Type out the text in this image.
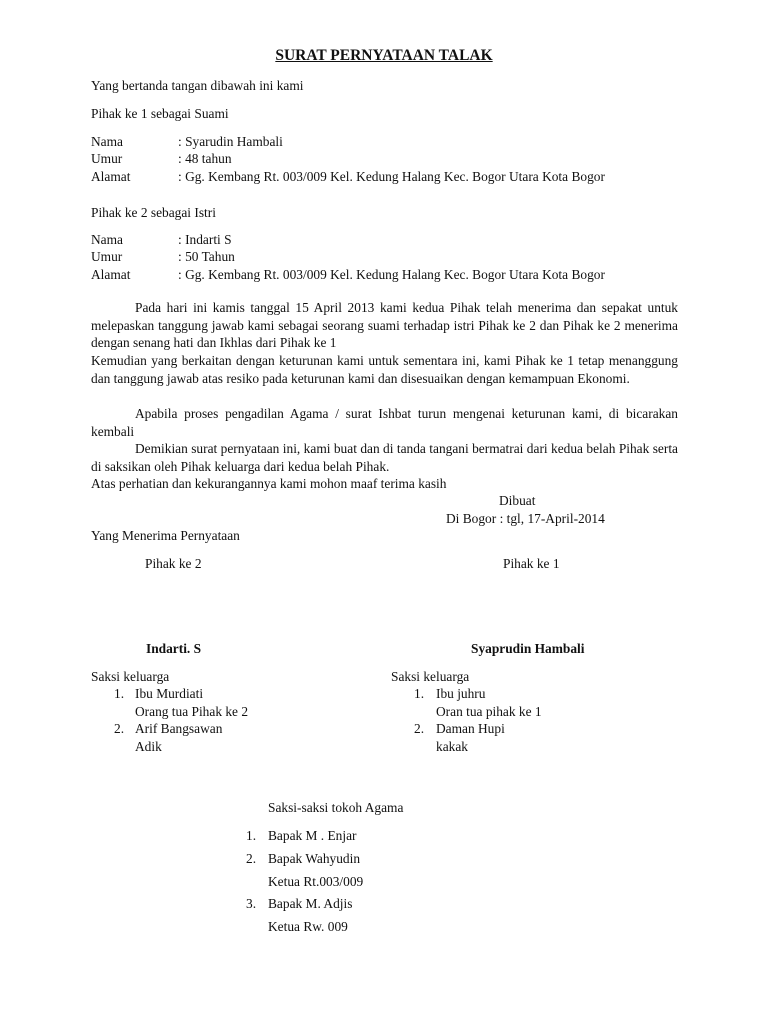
SURAT PERNYATAAN TALAK
Yang bertanda tangan dibawah ini kami
Pihak ke 1 sebagai Suami
Nama	: Syarudin Hambali
Umur	: 48 tahun
Alamat	: Gg. Kembang Rt. 003/009 Kel. Kedung Halang Kec. Bogor Utara Kota Bogor
Pihak ke 2 sebagai Istri
Nama	: Indarti S
Umur	: 50 Tahun
Alamat	: Gg. Kembang Rt. 003/009 Kel. Kedung Halang Kec. Bogor Utara Kota Bogor
Pada hari ini kamis tanggal 15 April 2013 kami kedua Pihak telah menerima dan sepakat untuk melepaskan tanggung jawab kami sebagai seorang suami terhadap istri Pihak ke 2 dan Pihak ke 2 menerima dengan senang hati dan Ikhlas dari Pihak ke 1
Kemudian yang berkaitan dengan keturunan kami untuk sementara ini, kami Pihak ke 1 tetap menanggung dan tanggung jawab atas resiko pada keturunan kami dan disesuaikan dengan kemampuan Ekonomi.
Apabila proses pengadilan Agama / surat Ishbat turun mengenai keturunan kami, di bicarakan kembali
Demikian surat pernyataan ini, kami buat dan di tanda tangani bermatrai dari kedua belah Pihak serta di saksikan oleh Pihak keluarga dari kedua belah Pihak.
Atas perhatian dan kekurangannya kami mohon maaf terima kasih
Dibuat
Di Bogor : tgl, 17-April-2014
Yang Menerima Pernyataan
Pihak ke 2	Pihak ke 1
Indarti. S	Syaprudin Hambali
Saksi keluarga
1. Ibu Murdiati
Orang tua Pihak ke 2
2. Arif Bangsawan
Adik
Saksi keluarga
1. Ibu juhru
Oran tua pihak ke 1
2. Daman Hupi
kakak
Saksi-saksi tokoh Agama
1. Bapak M . Enjar
2. Bapak Wahyudin
Ketua Rt.003/009
3. Bapak M. Adjis
Ketua Rw. 009
